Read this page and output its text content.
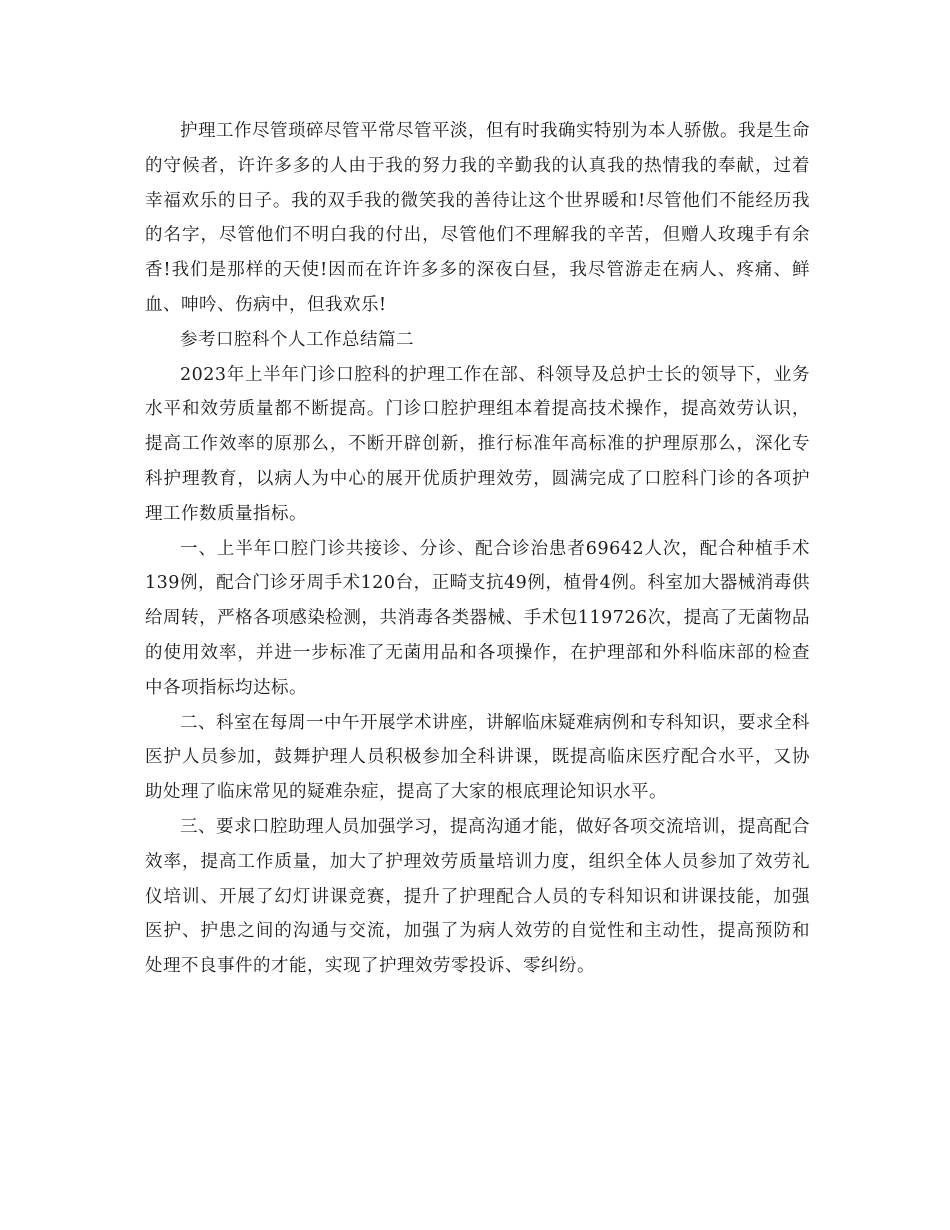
护理工作尽管琐碎尽管平常尽管平淡，但有时我确实特别为本人骄傲。我是生命的守候者，许许多多的人由于我的努力我的辛勤我的认真我的热情我的奉献，过着幸福欢乐的日子。我的双手我的微笑我的善待让这个世界暖和!尽管他们不能经历我的名字，尽管他们不明白我的付出，尽管他们不理解我的辛苦，但赠人玫瑰手有余香!我们是那样的天使!因而在许许多多的深夜白昼，我尽管游走在病人、疼痛、鲜血、呻吟、伤病中，但我欢乐!

参考口腔科个人工作总结篇二

2023年上半年门诊口腔科的护理工作在部、科领导及总护士长的领导下，业务水平和效劳质量都不断提高。门诊口腔护理组本着提高技术操作，提高效劳认识，提高工作效率的原那么，不断开辟创新，推行标准年高标准的护理原那么，深化专科护理教育，以病人为中心的展开优质护理效劳，圆满完成了口腔科门诊的各项护理工作数质量指标。

一、上半年口腔门诊共接诊、分诊、配合诊治患者69642人次，配合种植手术139例，配合门诊牙周手术120台，正畸支抗49例，植骨4例。科室加大器械消毒供给周转，严格各项感染检测，共消毒各类器械、手术包119726次，提高了无菌物品的使用效率，并进一步标准了无菌用品和各项操作，在护理部和外科临床部的检查中各项指标均达标。

二、科室在每周一中午开展学术讲座，讲解临床疑难病例和专科知识，要求全科医护人员参加，鼓舞护理人员积极参加全科讲课，既提高临床医疗配合水平，又协助处理了临床常见的疑难杂症，提高了大家的根底理论知识水平。

三、要求口腔助理人员加强学习，提高沟通才能，做好各项交流培训，提高配合效率，提高工作质量，加大了护理效劳质量培训力度，组织全体人员参加了效劳礼仪培训、开展了幻灯讲课竞赛，提升了护理配合人员的专科知识和讲课技能，加强医护、护患之间的沟通与交流，加强了为病人效劳的自觉性和主动性，提高预防和处理不良事件的才能，实现了护理效劳零投诉、零纠纷。
